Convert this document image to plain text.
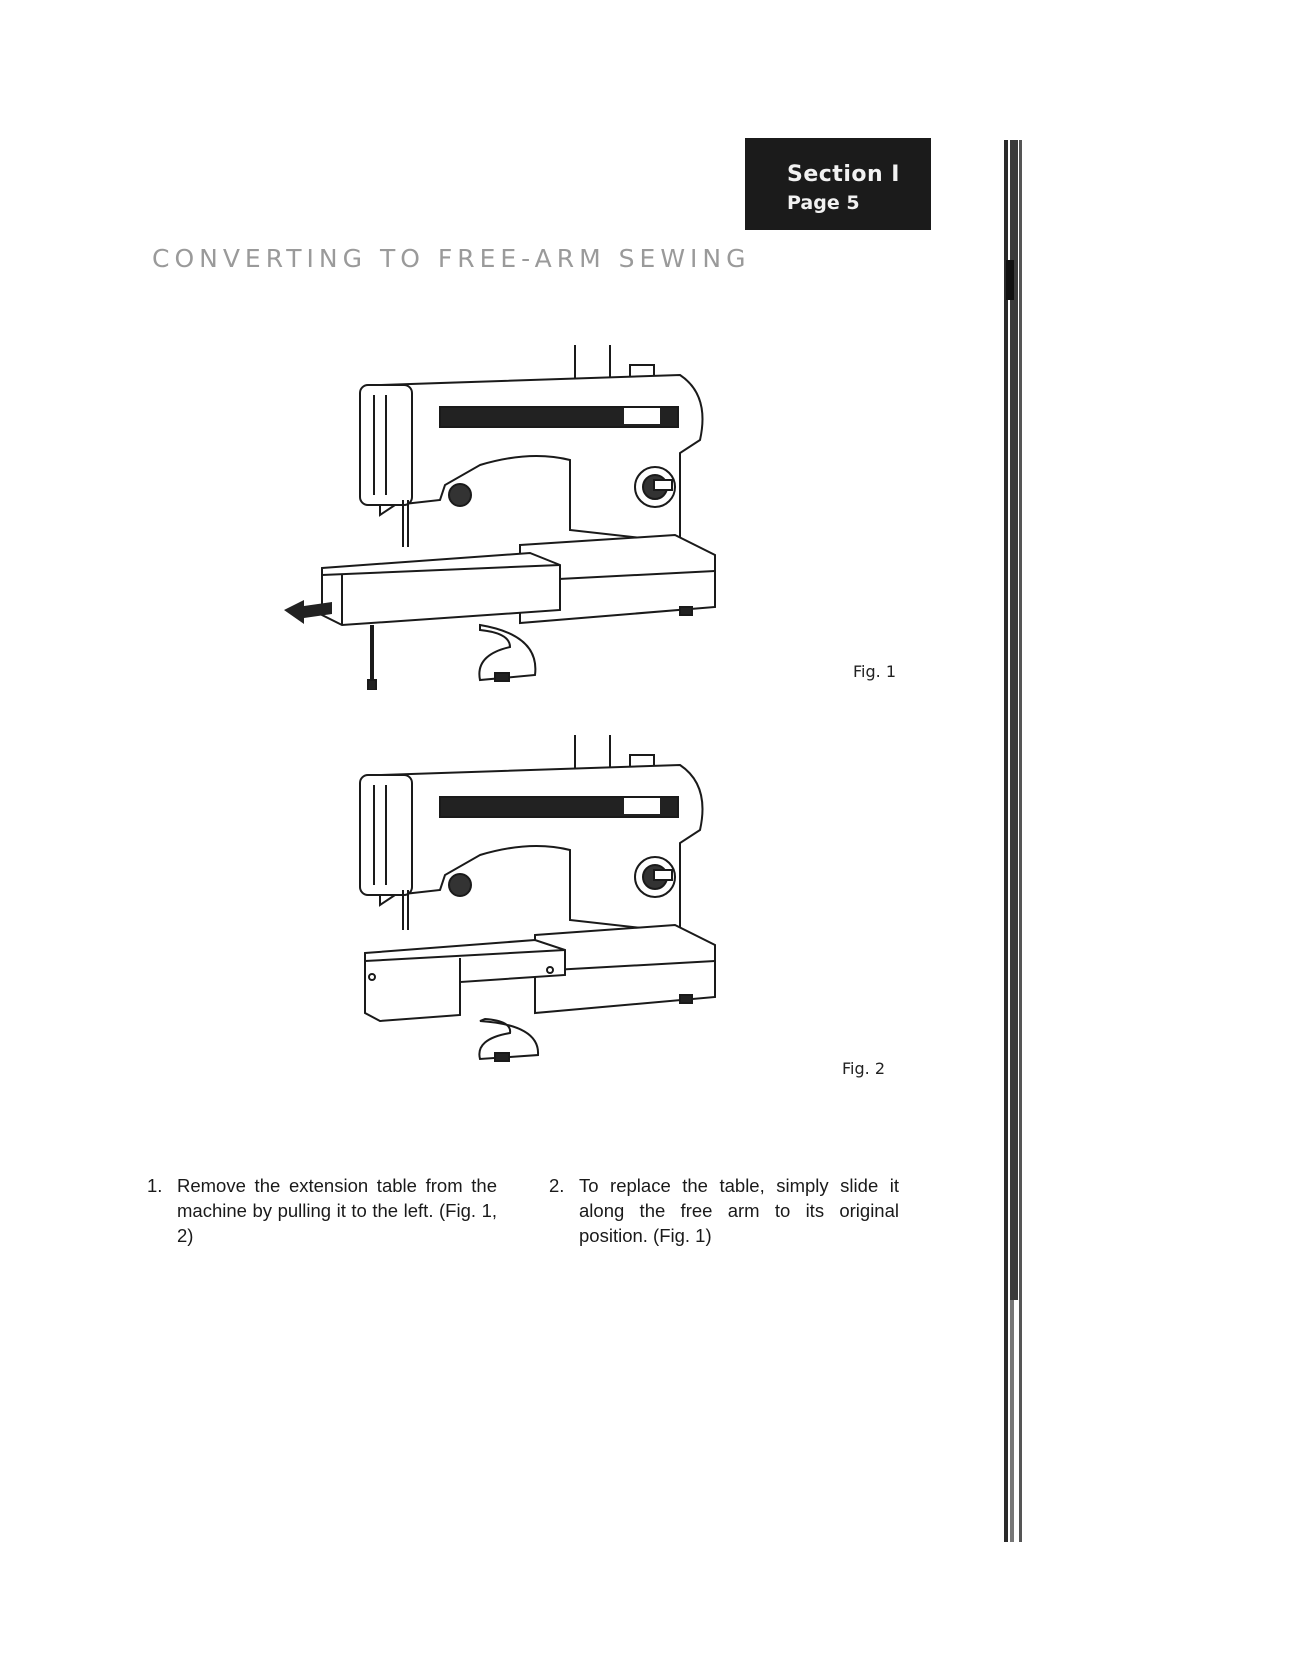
Section I
Page 5
CONVERTING TO FREE-ARM SEWING
Fig. 1
Fig. 2
1. Remove the extension table from the machine by pulling it to the left. (Fig. 1, 2)
2. To replace the table, simply slide it along the free arm to its original position. (Fig. 1)
